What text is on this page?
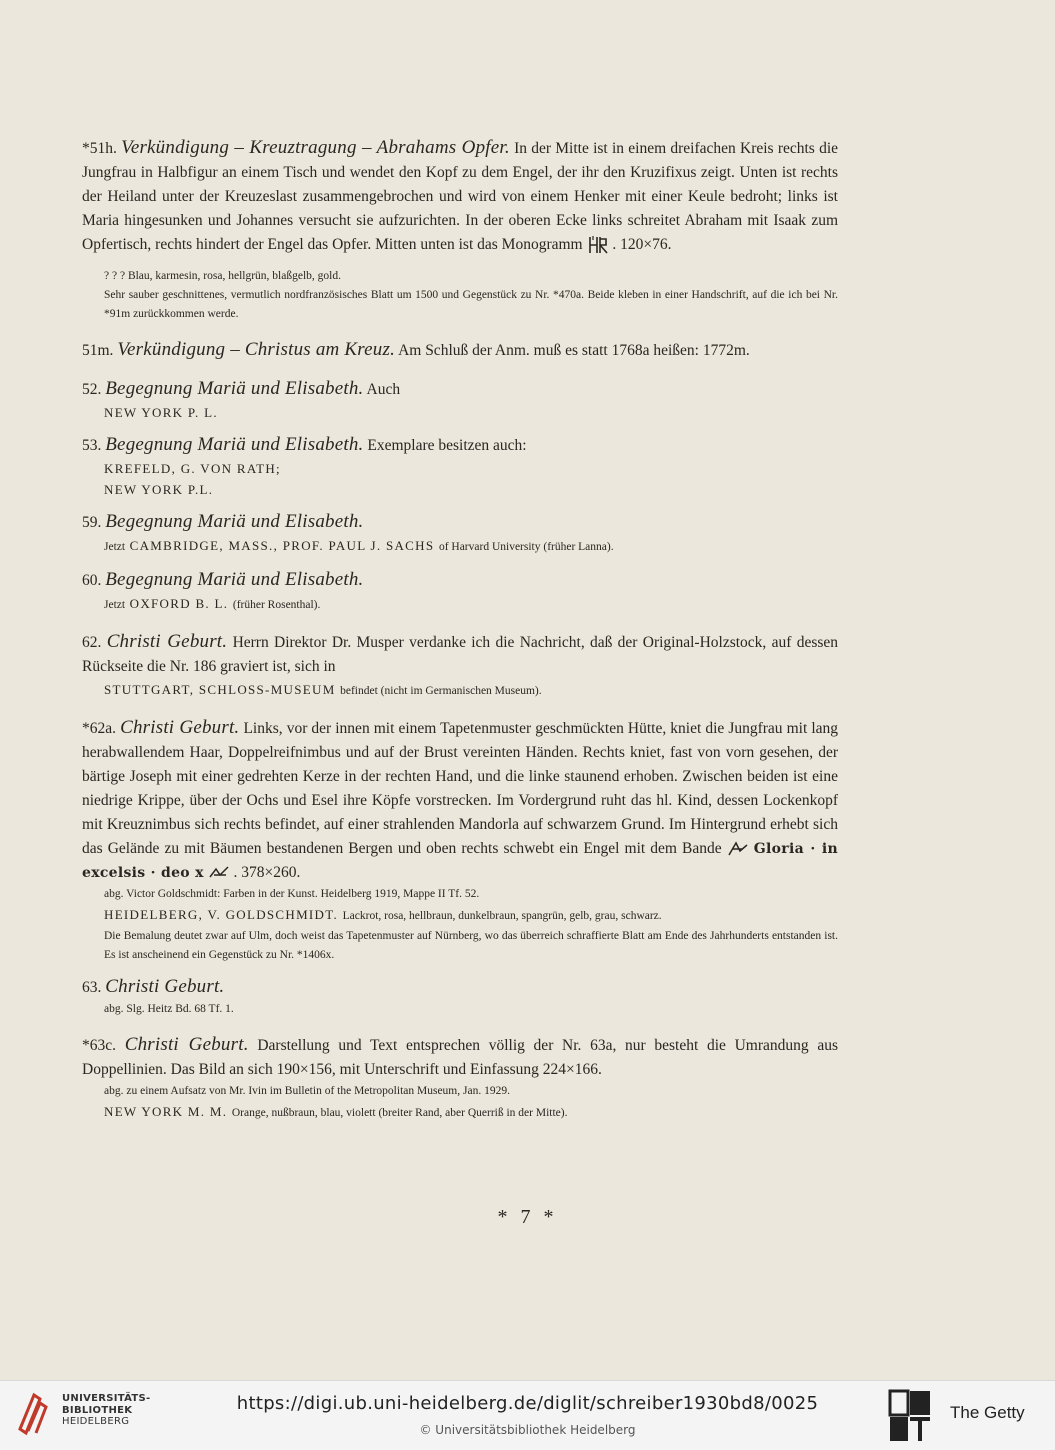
*51h. Verkündigung – Kreuztragung – Abrahams Opfer. In der Mitte ist in einem dreifachen Kreis rechts die Jungfrau in Halbfigur an einem Tisch und wendet den Kopf zu dem Engel, der ihr den Kruzifixus zeigt. Unten ist rechts der Heiland unter der Kreuzeslast zusammengebrochen und wird von einem Henker mit einer Keule bedroht; links ist Maria hingesunken und Johannes versucht sie aufzurichten. In der oberen Ecke links schreitet Abraham mit Isaak zum Opfertisch, rechts hindert der Engel das Opfer. Mitten unten ist das Monogramm . 120×76.

? ? ? Blau, karmesin, rosa, hellgrün, blaßgelb, gold.

Sehr sauber geschnittenes, vermutlich nordfranzösisches Blatt um 1500 und Gegenstück zu Nr. *470a. Beide kleben in einer Handschrift, auf die ich bei Nr. *91m zurückkommen werde.

51m. Verkündigung – Christus am Kreuz. Am Schluß der Anm. muß es statt 1768a heißen: 1772m.

52. Begegnung Mariä und Elisabeth. Auch

NEW YORK P. L.

53. Begegnung Mariä und Elisabeth. Exemplare besitzen auch:

KREFELD, G. VON RATH;

NEW YORK P.L.

59. Begegnung Mariä und Elisabeth.

Jetzt CAMBRIDGE, MASS., PROF. PAUL J. SACHS of Harvard University (früher Lanna).

60. Begegnung Mariä und Elisabeth.

Jetzt OXFORD B. L. (früher Rosenthal).

62. Christi Geburt. Herrn Direktor Dr. Musper verdanke ich die Nachricht, daß der Original-Holzstock, auf dessen Rückseite die Nr. 186 graviert ist, sich in

STUTTGART, SCHLOSS-MUSEUM befindet (nicht im Germanischen Museum).

*62a. Christi Geburt. Links, vor der innen mit einem Tapetenmuster geschmückten Hütte, kniet die Jungfrau mit lang herabwallendem Haar, Doppelreifnimbus und auf der Brust vereinten Händen. Rechts kniet, fast von vorn gesehen, der bärtige Joseph mit einer gedrehten Kerze in der rechten Hand, und die linke staunend erhoben. Zwischen beiden ist eine niedrige Krippe, über der Ochs und Esel ihre Köpfe vorstrecken. Im Vordergrund ruht das hl. Kind, dessen Lockenkopf mit Kreuznimbus sich rechts befindet, auf einer strahlenden Mandorla auf schwarzem Grund. Im Hintergrund erhebt sich das Gelände zu mit Bäumen bestandenen Bergen und oben rechts schwebt ein Engel mit dem Bande Gloria · in excelsis · deo x . 378×260.

abg. Victor Goldschmidt: Farben in der Kunst. Heidelberg 1919, Mappe II Tf. 52.

HEIDELBERG, V. GOLDSCHMIDT. Lackrot, rosa, hellbraun, dunkelbraun, spangrün, gelb, grau, schwarz.

Die Bemalung deutet zwar auf Ulm, doch weist das Tapetenmuster auf Nürnberg, wo das überreich schraffierte Blatt am Ende des Jahrhunderts entstanden ist. Es ist anscheinend ein Gegenstück zu Nr. *1406x.

63. Christi Geburt.

abg. Slg. Heitz Bd. 68 Tf. 1.

*63c. Christi Geburt. Darstellung und Text entsprechen völlig der Nr. 63a, nur besteht die Umrandung aus Doppellinien. Das Bild an sich 190×156, mit Unterschrift und Einfassung 224×166.

abg. zu einem Aufsatz von Mr. Ivin im Bulletin of the Metropolitan Museum, Jan. 1929.

NEW YORK M. M. Orange, nußbraun, blau, violett (breiter Rand, aber Querriß in der Mitte).

* 7 *
UNIVERSITÄTS-
BIBLIOTHEK
HEIDELBERG
https://digi.ub.uni-heidelberg.de/diglit/schreiber1930bd8/0025
© Universitätsbibliothek Heidelberg
The Getty
